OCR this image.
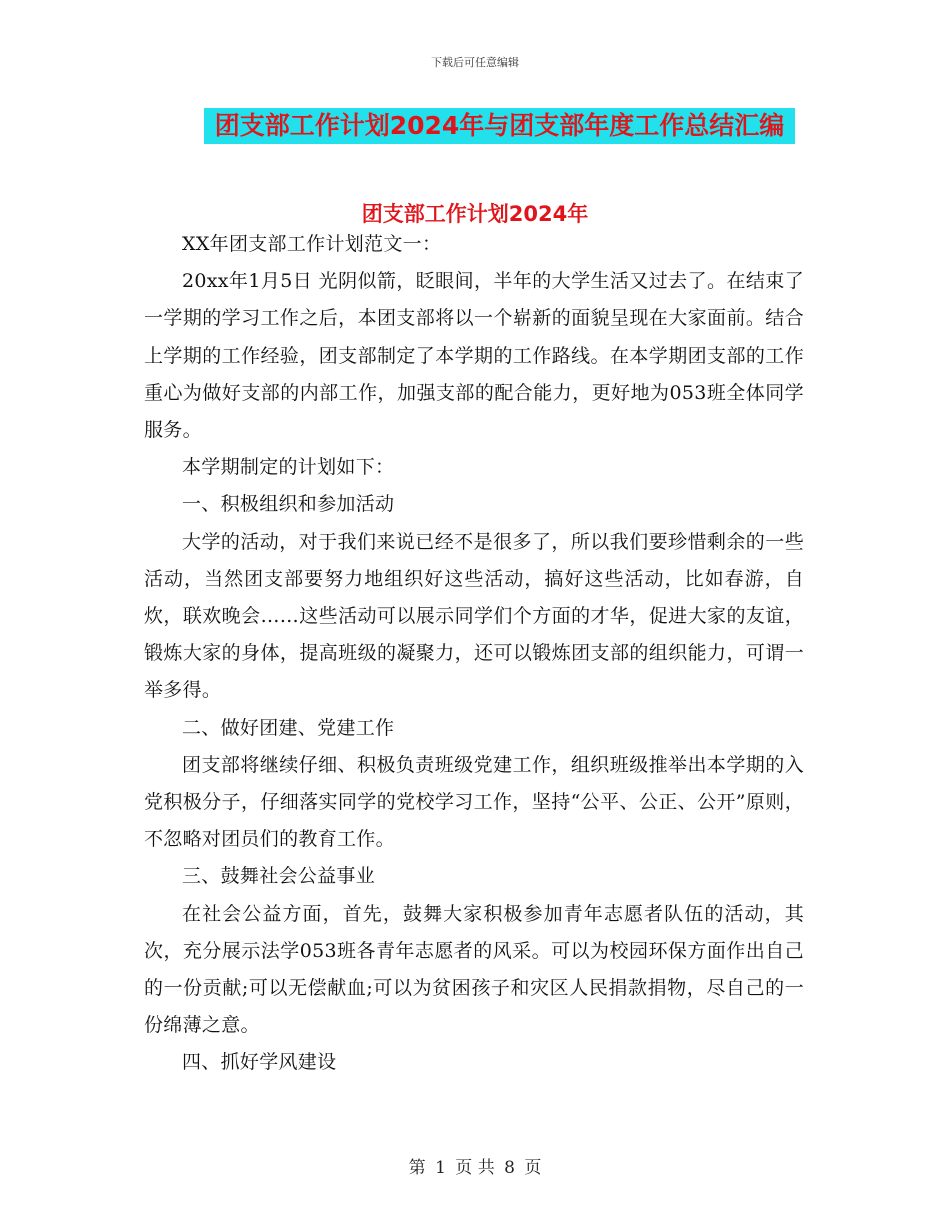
下载后可任意编辑
团支部工作计划2024年与团支部年度工作总结汇编
团支部工作计划2024年

XX年团支部工作计划范文一：

20xx年1月5日 光阴似箭，眨眼间，半年的大学生活又过去了。在结束了一学期的学习工作之后，本团支部将以一个崭新的面貌呈现在大家面前。结合上学期的工作经验，团支部制定了本学期的工作路线。在本学期团支部的工作重心为做好支部的内部工作，加强支部的配合能力，更好地为053班全体同学服务。

本学期制定的计划如下：

一、积极组织和参加活动

大学的活动，对于我们来说已经不是很多了，所以我们要珍惜剩余的一些活动，当然团支部要努力地组织好这些活动，搞好这些活动，比如春游，自炊，联欢晚会……这些活动可以展示同学们个方面的才华，促进大家的友谊，锻炼大家的身体，提高班级的凝聚力，还可以锻炼团支部的组织能力，可谓一举多得。

二、做好团建、党建工作

团支部将继续仔细、积极负责班级党建工作，组织班级推举出本学期的入党积极分子，仔细落实同学的党校学习工作，坚持“公平、公正、公开”原则，不忽略对团员们的教育工作。

三、鼓舞社会公益事业

在社会公益方面，首先，鼓舞大家积极参加青年志愿者队伍的活动，其次，充分展示法学053班各青年志愿者的风采。可以为校园环保方面作出自己的一份贡献;可以无偿献血;可以为贫困孩子和灾区人民捐款捐物，尽自己的一份绵薄之意。

四、抓好学风建设

第 1 页 共 8 页
